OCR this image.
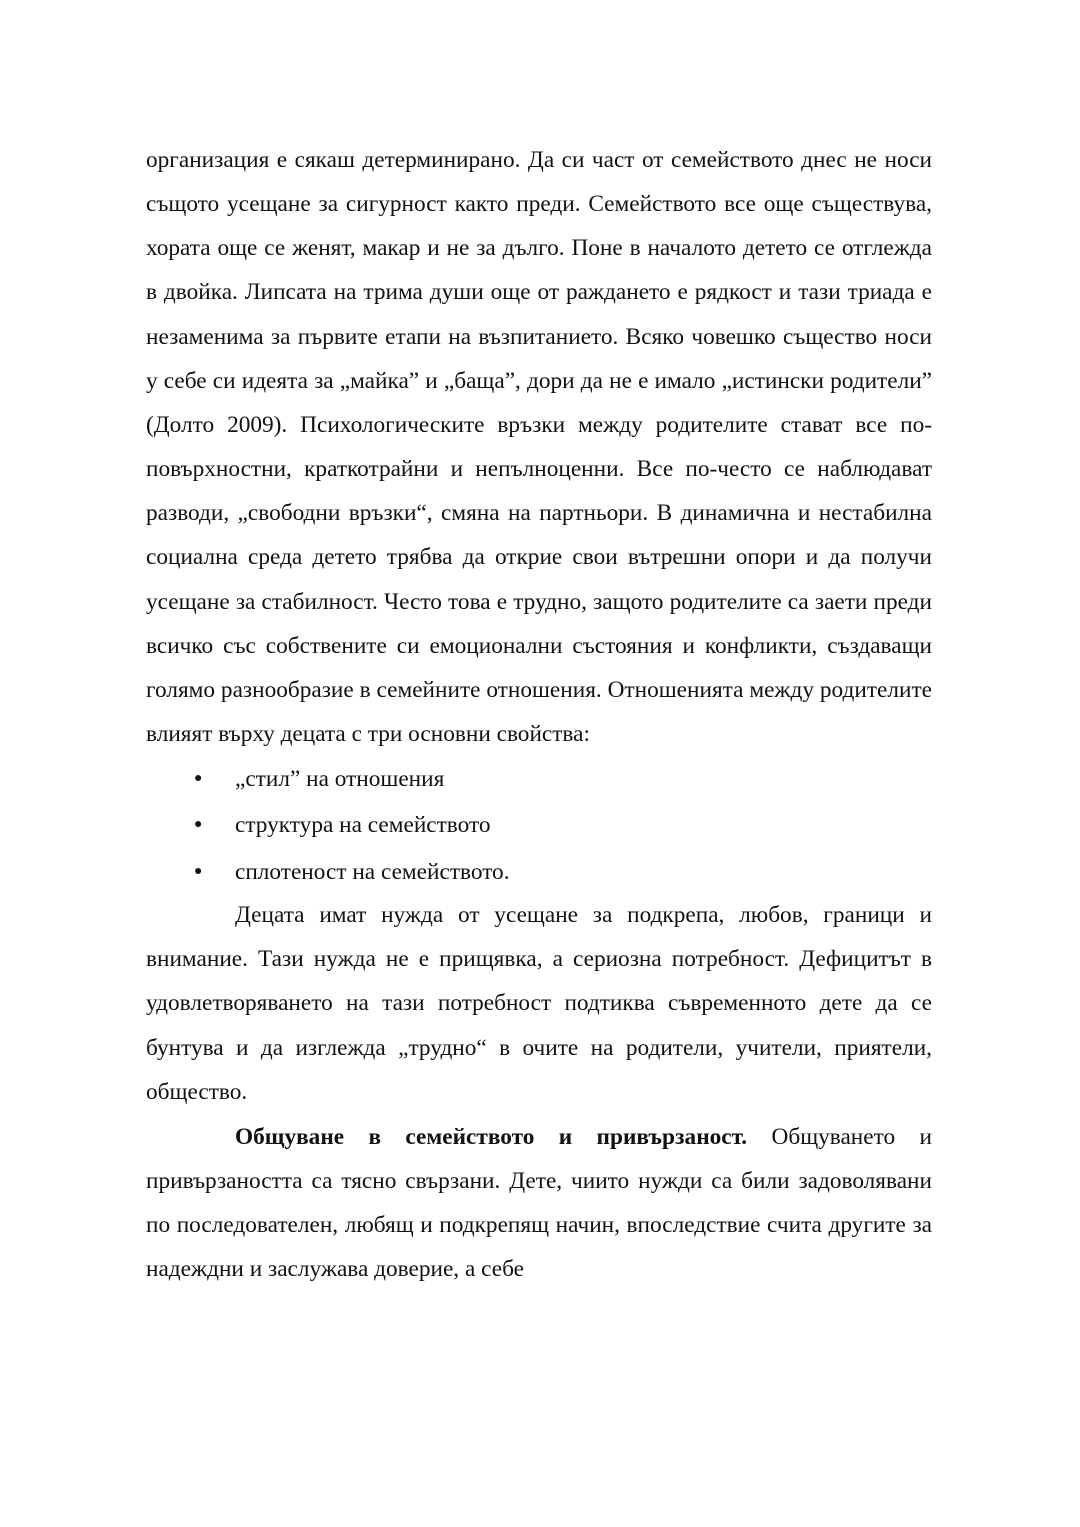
организация е сякаш детерминирано. Да си част от семейството днес не носи същото усещане за сигурност както преди. Семейството все още съществува, хората още се женят, макар и не за дълго. Поне в началото детето се отглежда в двойка. Липсата на трима души още от раждането е рядкост и тази триада е незаменима за първите етапи на възпитанието. Всяко човешко същество носи у себе си идеята за „майка” и „баща”, дори да не е имало „истински родители” (Долто 2009). Психологическите връзки между родителите стават все по-повърхностни, краткотрайни и непълноценни. Все по-често се наблюдават разводи, „свободни връзки“, смяна на партньори. В динамична и нестабилна социална среда детето трябва да открие свои вътрешни опори и да получи усещане за стабилност. Често това е трудно, защото родителите са заети преди всичко със собствените си емоционални състояния и конфликти, създаващи голямо разнообразие в семейните отношения. Отношенията между родителите влияят върху децата с три основни свойства:

● „стил” на отношения
● структура на семейството
● сплотеност на семейството.

Децата имат нужда от усещане за подкрепа, любов, граници и внимание. Тази нужда не е прищявка, а сериозна потребност. Дефицитът в удовлетворяването на тази потребност подтиква съвременното дете да се бунтува и да изглежда „трудно“ в очите на родители, учители, приятели, общество.

Общуване в семейството и привързаност. Общуването и привързаността са тясно свързани. Дете, чиито нужди са били задоволявани по последователен, любящ и подкрепящ начин, впоследствие счита другите за надеждни и заслужава доверие, а себе
